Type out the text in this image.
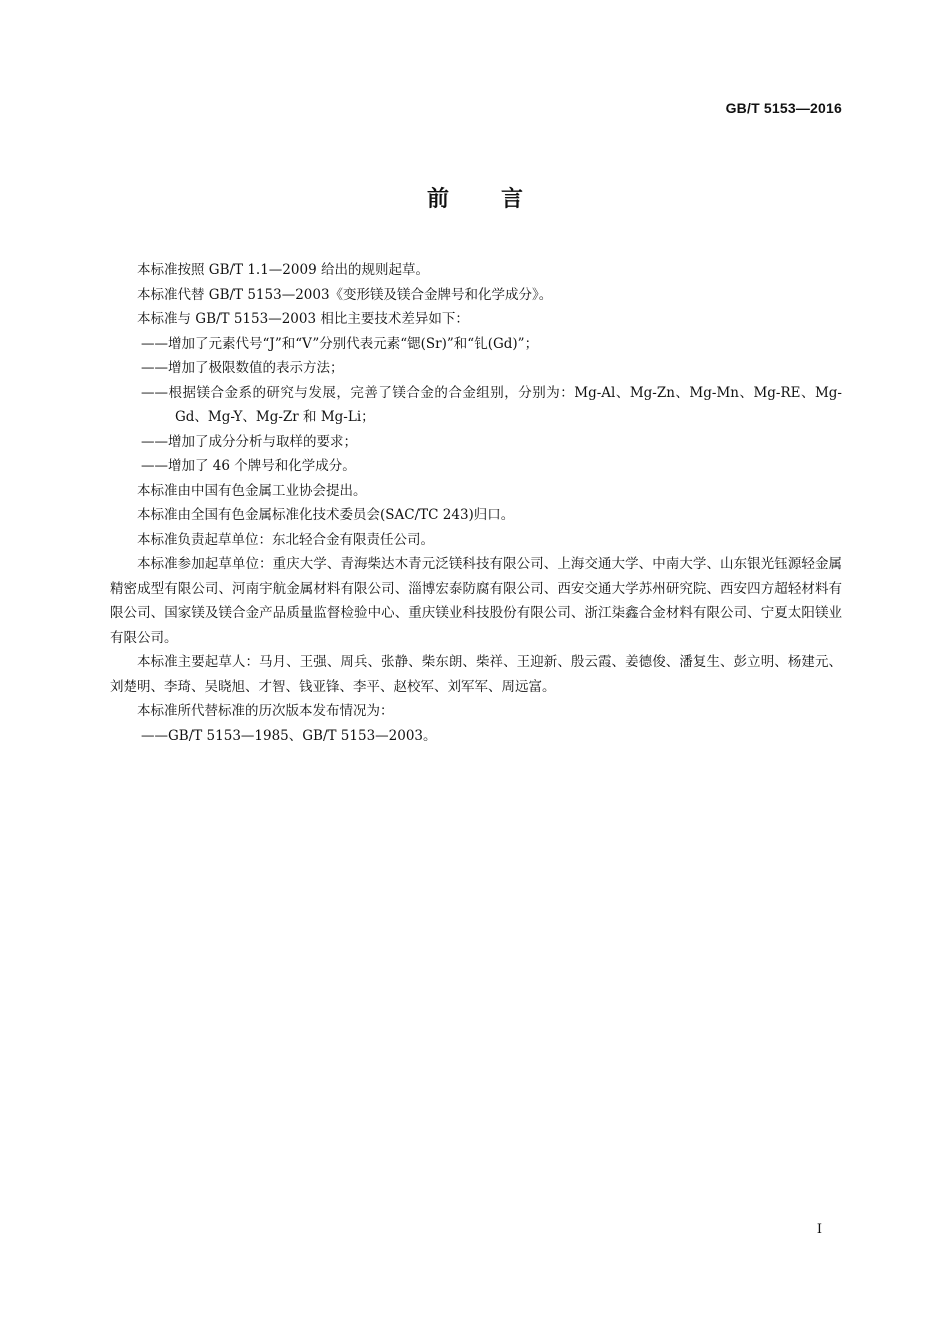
GB/T 5153—2016
前言

本标准按照 GB/T 1.1—2009 给出的规则起草。

本标准代替 GB/T 5153—2003《变形镁及镁合金牌号和化学成分》。

本标准与 GB/T 5153—2003 相比主要技术差异如下：

——增加了元素代号“J”和“V”分别代表元素“锶(Sr)”和“钆(Gd)”；

——增加了极限数值的表示方法；

——根据镁合金系的研究与发展，完善了镁合金的合金组别，分别为：Mg-Al、Mg-Zn、Mg-Mn、Mg-RE、Mg-Gd、Mg-Y、Mg-Zr 和 Mg-Li；

——增加了成分分析与取样的要求；

——增加了 46 个牌号和化学成分。

本标准由中国有色金属工业协会提出。

本标准由全国有色金属标准化技术委员会(SAC/TC 243)归口。

本标准负责起草单位：东北轻合金有限责任公司。

本标准参加起草单位：重庆大学、青海柴达木青元泛镁科技有限公司、上海交通大学、中南大学、山东银光钰源轻金属精密成型有限公司、河南宇航金属材料有限公司、淄博宏泰防腐有限公司、西安交通大学苏州研究院、西安四方超轻材料有限公司、国家镁及镁合金产品质量监督检验中心、重庆镁业科技股份有限公司、浙江柒鑫合金材料有限公司、宁夏太阳镁业有限公司。

本标准主要起草人：马月、王强、周兵、张静、柴东朗、柴祥、王迎新、殷云霞、姜德俊、潘复生、彭立明、杨建元、刘楚明、李琦、吴晓旭、才智、钱亚锋、李平、赵校军、刘军军、周远富。

本标准所代替标准的历次版本发布情况为：

——GB/T 5153—1985、GB/T 5153—2003。

I
